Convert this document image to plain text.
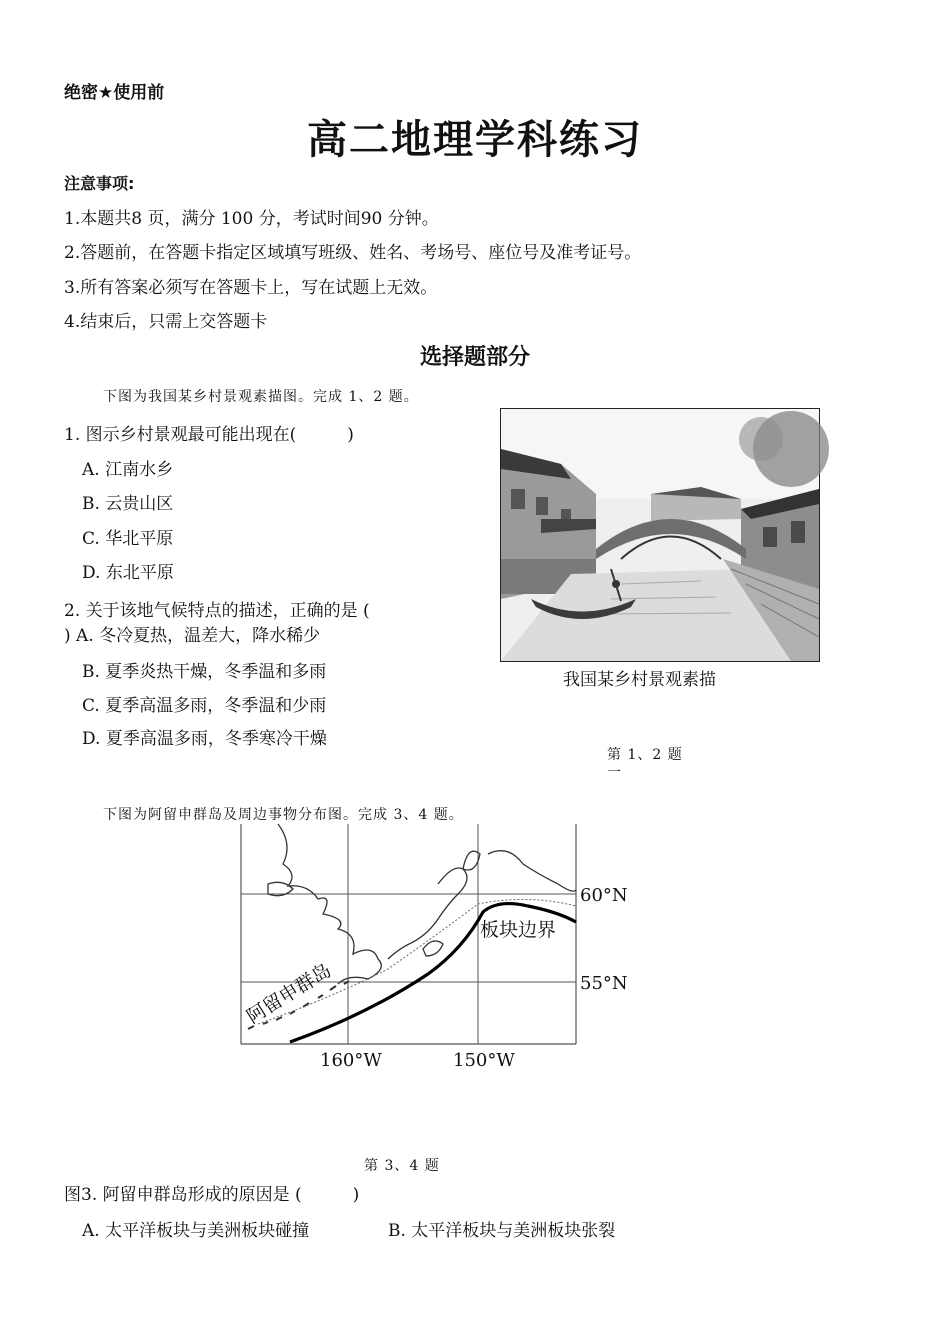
绝密★使用前
高二地理学科练习
注意事项:
1.本题共8 页，满分 100 分，考试时间90 分钟。
2.答题前，在答题卡指定区域填写班级、姓名、考场号、座位号及准考证号。
3.所有答案必须写在答题卡上，写在试题上无效。
4.结束后，只需上交答题卡
选择题部分
下图为我国某乡村景观素描图。完成 1、2 题。
1. 图示乡村景观最可能出现在(　　　)
A. 江南水乡
B. 云贵山区
C. 华北平原
D. 东北平原
2. 关于该地气候特点的描述，正确的是 (
) A. 冬冷夏热，温差大，降水稀少
B. 夏季炎热干燥，冬季温和多雨
C. 夏季高温多雨，冬季温和少雨
D. 夏季高温多雨，冬季寒冷干燥
我国某乡村景观素描
第 1、2 题
一
下图为阿留申群岛及周边事物分布图。完成 3、4 题。
60°N
55°N
160°W	150°W
板块边界
阿留申群岛
第 3、4 题
图3. 阿留申群岛形成的原因是 (　　　)
A. 太平洋板块与美洲板块碰撞	B. 太平洋板块与美洲板块张裂
